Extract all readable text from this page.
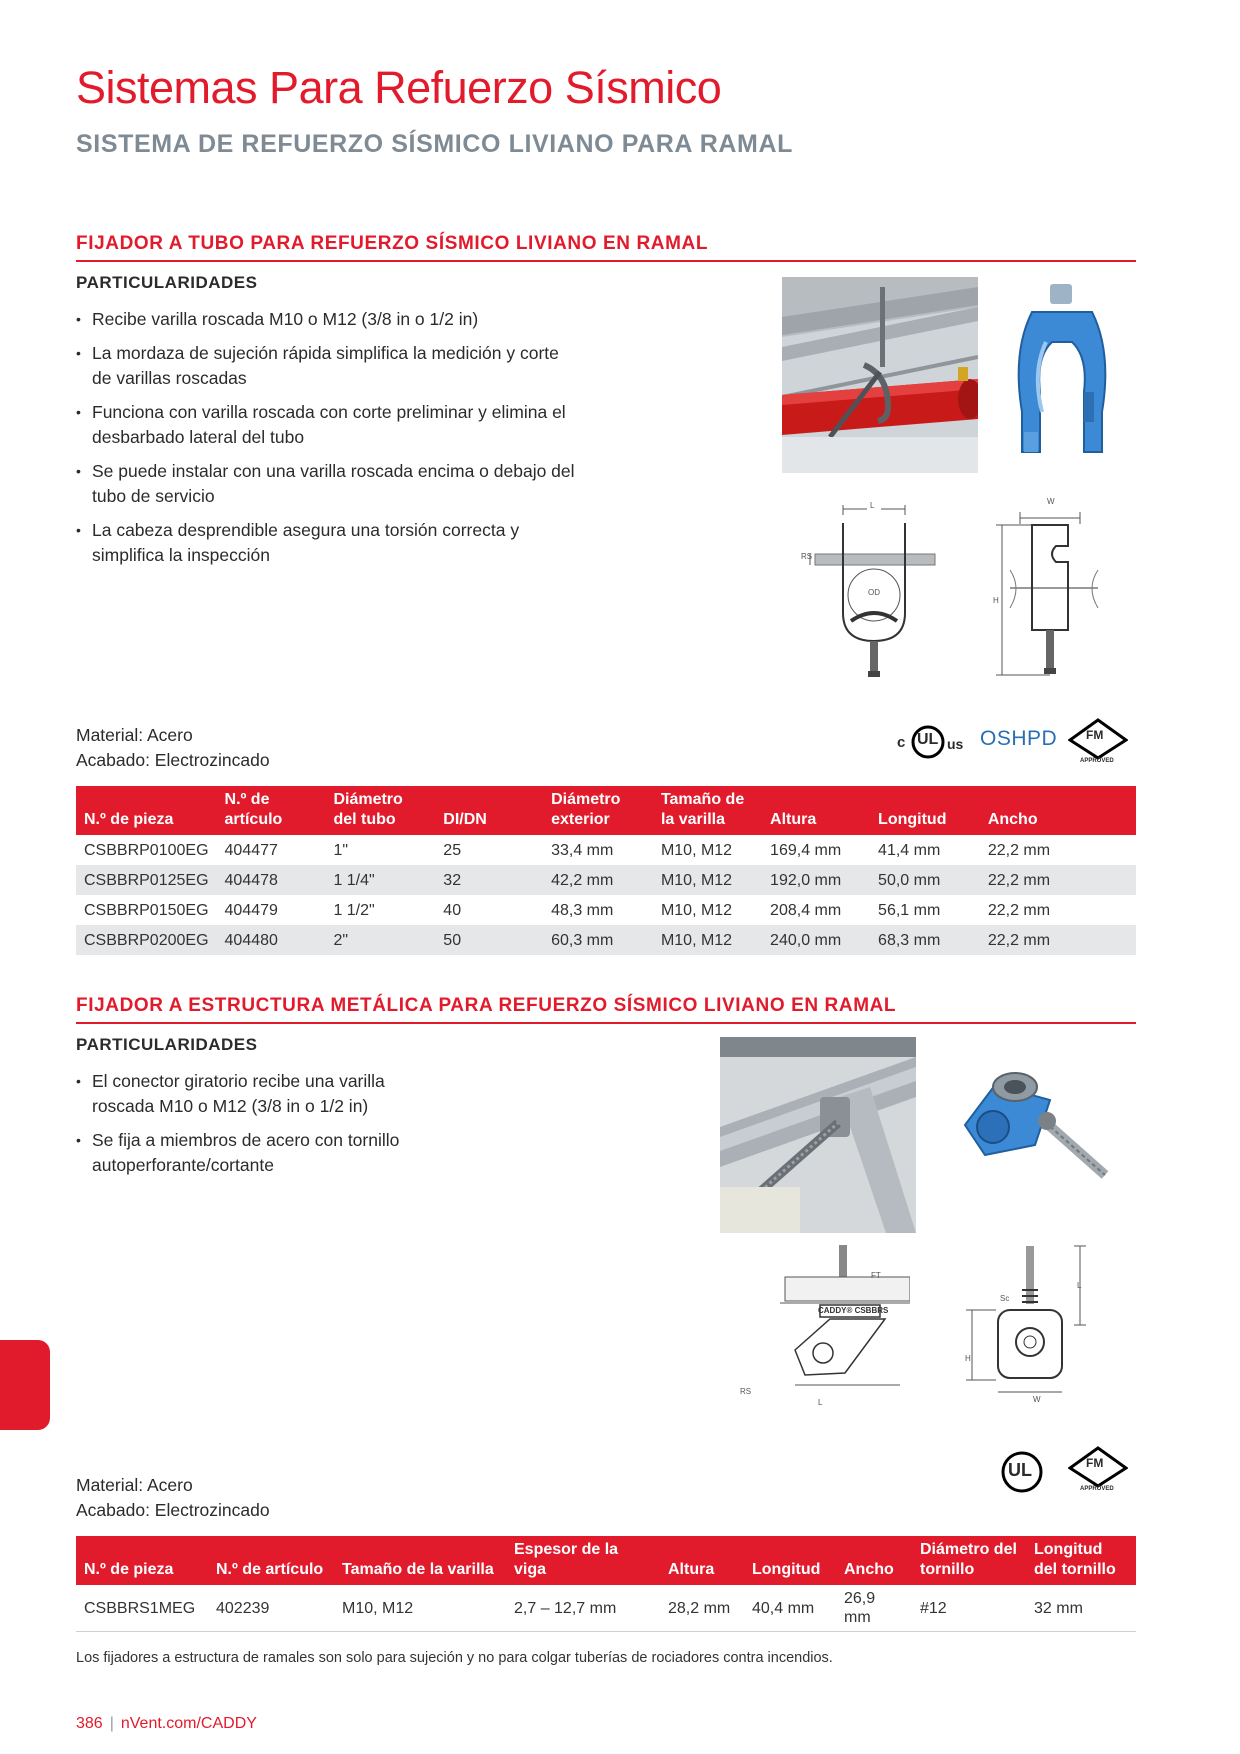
Sistemas Para Refuerzo Sísmico
SISTEMA DE REFUERZO SÍSMICO LIVIANO PARA RAMAL
FIJADOR A TUBO PARA REFUERZO SÍSMICO LIVIANO EN RAMAL
PARTICULARIDADES
• Recibe varilla roscada M10 o M12 (3/8 in o 1/2 in)
• La mordaza de sujeción rápida simplifica la medición y corte de varillas roscadas
• Funciona con varilla roscada con corte preliminar y elimina el desbarbado lateral del tubo
• Se puede instalar con una varilla roscada encima o debajo del tubo de servicio
• La cabeza desprendible asegura una torsión correcta y simplifica la inspección
L
RS
OD
W
H
Material: Acero
Acabado: Electrozincado
c UL us OSHPD FM
APPROVED
N.º de pieza	N.º de artículo	Diámetro del tubo	DI/DN	Diámetro exterior	Tamaño de la varilla	Altura	Longitud	Ancho
CSBBRP0100EG	404477	1"	25	33,4 mm	M10, M12	169,4 mm	41,4 mm	22,2 mm
CSBBRP0125EG	404478	1 1/4"	32	42,2 mm	M10, M12	192,0 mm	50,0 mm	22,2 mm
CSBBRP0150EG	404479	1 1/2"	40	48,3 mm	M10, M12	208,4 mm	56,1 mm	22,2 mm
CSBBRP0200EG	404480	2"	50	60,3 mm	M10, M12	240,0 mm	68,3 mm	22,2 mm
FIJADOR A ESTRUCTURA METÁLICA PARA REFUERZO SÍSMICO LIVIANO EN RAMAL
PARTICULARIDADES
• El conector giratorio recibe una varilla roscada M10 o M12 (3/8 in o 1/2 in)
• Se fija a miembros de acero con tornillo autoperforante/cortante
FT
CADDY® CSBBRS
RS
L
L
Sc
H
W
Material: Acero
Acabado: Electrozincado
UL	FM
APPROVED
N.º de pieza	N.º de artículo	Tamaño de la varilla	Espesor de la viga	Altura	Longitud	Ancho	Diámetro del tornillo	Longitud del tornillo
CSBBRS1MEG	402239	M10, M12	2,7 – 12,7 mm	28,2 mm	40,4 mm	26,9 mm	#12	32 mm
Los fijadores a estructura de ramales son solo para sujeción y no para colgar tuberías de rociadores contra incendios.
386 | nVent.com/CADDY
